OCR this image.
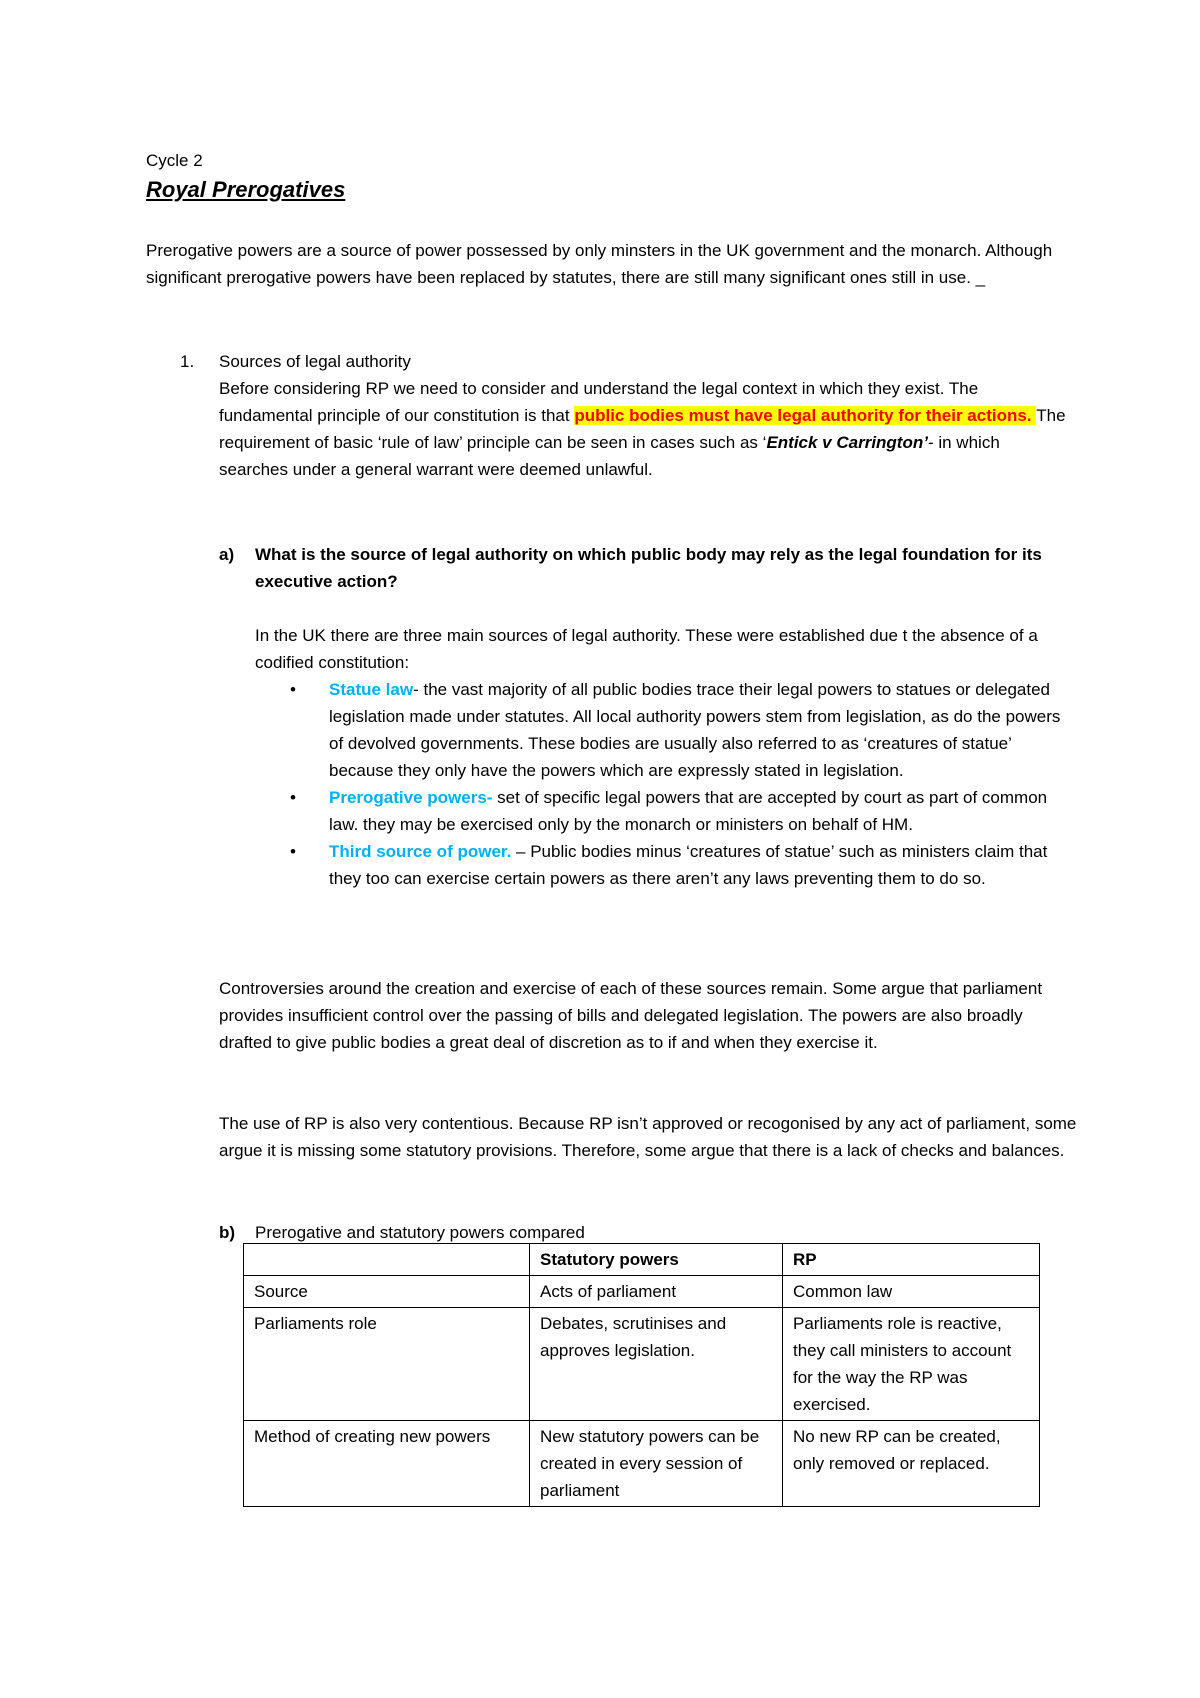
Cycle 2

Royal Prerogatives

Prerogative powers are a source of power possessed by only minsters in the UK government and the monarch. Although significant prerogative powers have been replaced by statutes, there are still many significant ones still in use. _

1. Sources of legal authority

Before considering RP we need to consider and understand the legal context in which they exist. The fundamental principle of our constitution is that public bodies must have legal authority for their actions. The requirement of basic ‘rule of law’ principle can be seen in cases such as ‘Entick v Carrington’- in which searches under a general warrant were deemed unlawful.

a) What is the source of legal authority on which public body may rely as the legal foundation for its executive action?

In the UK there are three main sources of legal authority. These were established due t the absence of a codified constitution:

• Statue law- the vast majority of all public bodies trace their legal powers to statues or delegated legislation made under statutes. All local authority powers stem from legislation, as do the powers of devolved governments. These bodies are usually also referred to as ‘creatures of statue’ because they only have the powers which are expressly stated in legislation.
• Prerogative powers- set of specific legal powers that are accepted by court as part of common law. they may be exercised only by the monarch or ministers on behalf of HM.
• Third source of power. – Public bodies minus ‘creatures of statue’ such as ministers claim that they too can exercise certain powers as there aren’t any laws preventing them to do so.

Controversies around the creation and exercise of each of these sources remain. Some argue that parliament provides insufficient control over the passing of bills and delegated legislation. The powers are also broadly drafted to give public bodies a great deal of discretion as to if and when they exercise it.

The use of RP is also very contentious. Because RP isn’t approved or recogonised by any act of parliament, some argue it is missing some statutory provisions. Therefore, some argue that there is a lack of checks and balances.

b) Prerogative and statutory powers compared
	Statutory powers	RP
Source	Acts of parliament	Common law
Parliaments role	Debates, scrutinises and approves legislation.	Parliaments role is reactive, they call ministers to account for the way the RP was exercised.
Method of creating new powers	New statutory powers can be created in every session of parliament	No new RP can be created, only removed or replaced.
